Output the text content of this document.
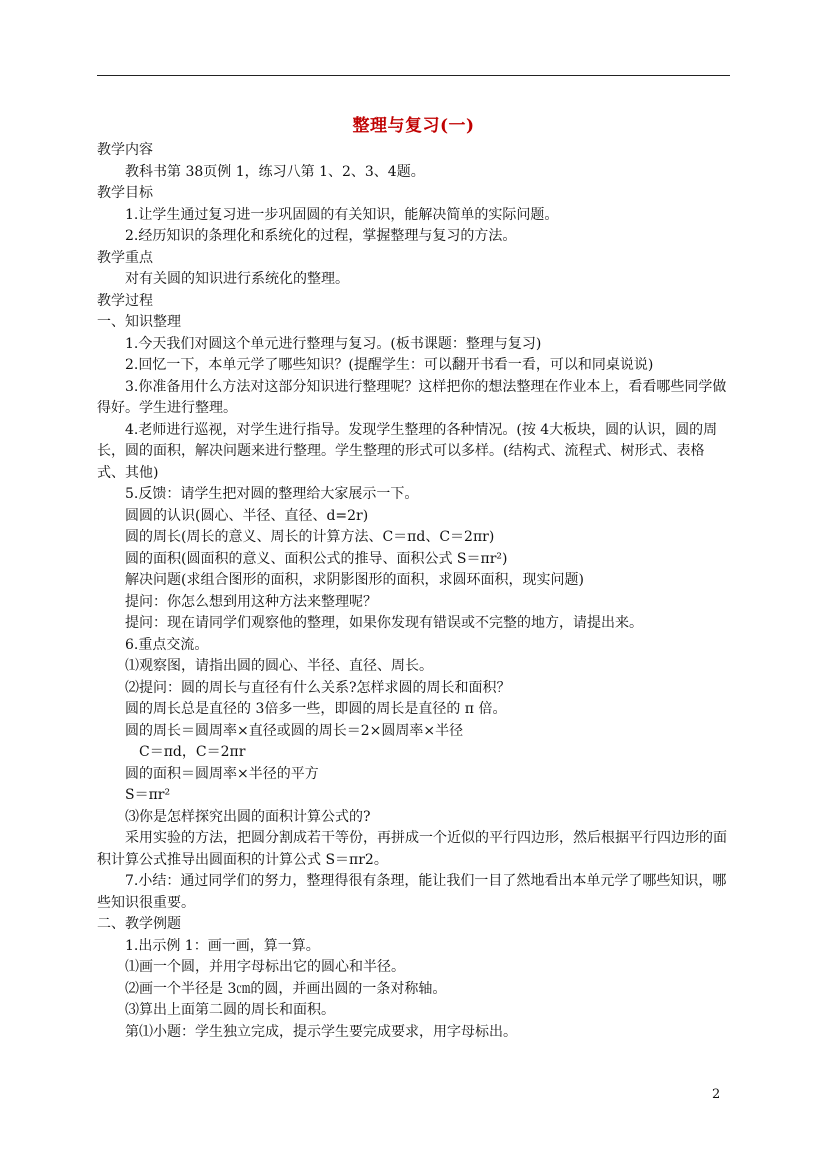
整理与复习(一)

教学内容

教科书第 38页例 1，练习八第 1、2、3、4题。

教学目标

1.让学生通过复习进一步巩固圆的有关知识，能解决简单的实际问题。

2.经历知识的条理化和系统化的过程，掌握整理与复习的方法。

教学重点

对有关圆的知识进行系统化的整理。

教学过程

一、知识整理

1.今天我们对圆这个单元进行整理与复习。(板书课题：整理与复习)

2.回忆一下，本单元学了哪些知识？(提醒学生：可以翻开书看一看，可以和同桌说说)

3.你准备用什么方法对这部分知识进行整理呢？这样把你的想法整理在作业本上，看看哪些同学做得好。学生进行整理。

4.老师进行巡视，对学生进行指导。发现学生整理的各种情况。(按 4大板块，圆的认识，圆的周长，圆的面积，解决问题来进行整理。学生整理的形式可以多样。(结构式、流程式、树形式、表格式、其他)

5.反馈：请学生把对圆的整理给大家展示一下。

圆圆的认识(圆心、半径、直径、d=2r)

圆的周长(周长的意义、周长的计算方法、C＝πd、C＝2πr)

圆的面积(圆面积的意义、面积公式的推导、面积公式 S＝πr²)

解决问题(求组合图形的面积，求阴影图形的面积，求圆环面积，现实问题)

提问：你怎么想到用这种方法来整理呢？

提问：现在请同学们观察他的整理，如果你发现有错误或不完整的地方，请提出来。

6.重点交流。

⑴观察图，请指出圆的圆心、半径、直径、周长。

⑵提问：圆的周长与直径有什么关系?怎样求圆的周长和面积？

圆的周长总是直径的 3倍多一些，即圆的周长是直径的 π 倍。

圆的周长＝圆周率×直径或圆的周长＝2×圆周率×半径

C＝πd，C＝2πr

圆的面积＝圆周率×半径的平方

S＝πr²

⑶你是怎样探究出圆的面积计算公式的?

采用实验的方法，把圆分割成若干等份，再拼成一个近似的平行四边形，然后根据平行四边形的面积计算公式推导出圆面积的计算公式 S＝πr2。

7.小结：通过同学们的努力，整理得很有条理，能让我们一目了然地看出本单元学了哪些知识，哪些知识很重要。

二、教学例题

1.出示例 1：画一画，算一算。

⑴画一个圆，并用字母标出它的圆心和半径。

⑵画一个半径是 3㎝的圆，并画出圆的一条对称轴。

⑶算出上面第二圆的周长和面积。

第⑴小题：学生独立完成，提示学生要完成要求，用字母标出。

2
